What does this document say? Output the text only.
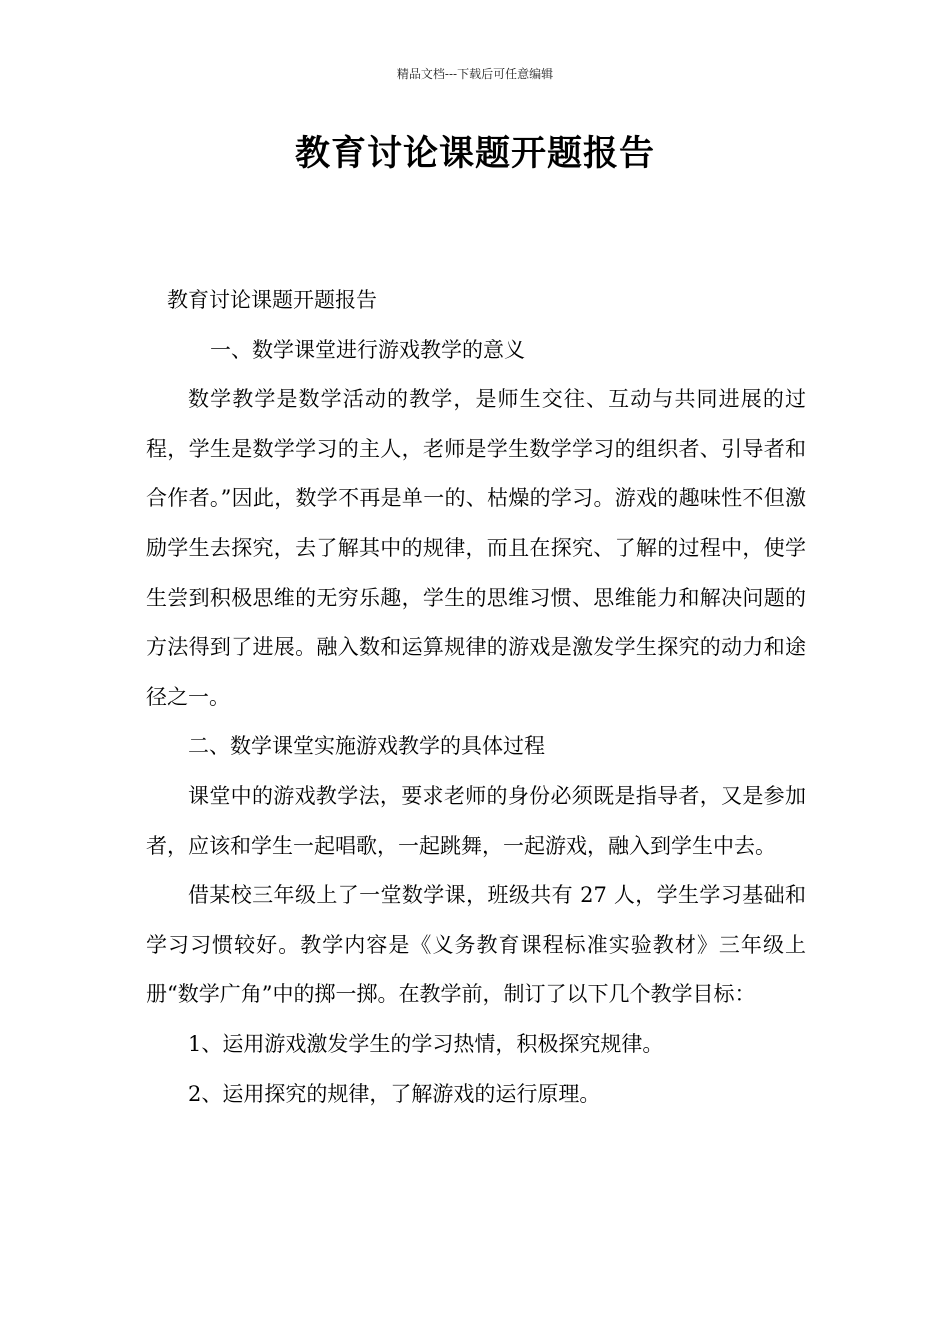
精品文档---下载后可任意编辑
教育讨论课题开题报告

教育讨论课题开题报告

一、数学课堂进行游戏教学的意义

数学教学是数学活动的教学，是师生交往、互动与共同进展的过程，学生是数学学习的主人，老师是学生数学学习的组织者、引导者和合作者。”因此，数学不再是单一的、枯燥的学习。游戏的趣味性不但激励学生去探究，去了解其中的规律，而且在探究、了解的过程中，使学生尝到积极思维的无穷乐趣，学生的思维习惯、思维能力和解决问题的方法得到了进展。融入数和运算规律的游戏是激发学生探究的动力和途径之一。

二、数学课堂实施游戏教学的具体过程

课堂中的游戏教学法，要求老师的身份必须既是指导者，又是参加者，应该和学生一起唱歌，一起跳舞，一起游戏，融入到学生中去。

借某校三年级上了一堂数学课，班级共有 27 人，学生学习基础和学习习惯较好。教学内容是《义务教育课程标准实验教材》三年级上册“数学广角”中的掷一掷。在教学前，制订了以下几个教学目标：

1、运用游戏激发学生的学习热情，积极探究规律。

2、运用探究的规律，了解游戏的运行原理。
